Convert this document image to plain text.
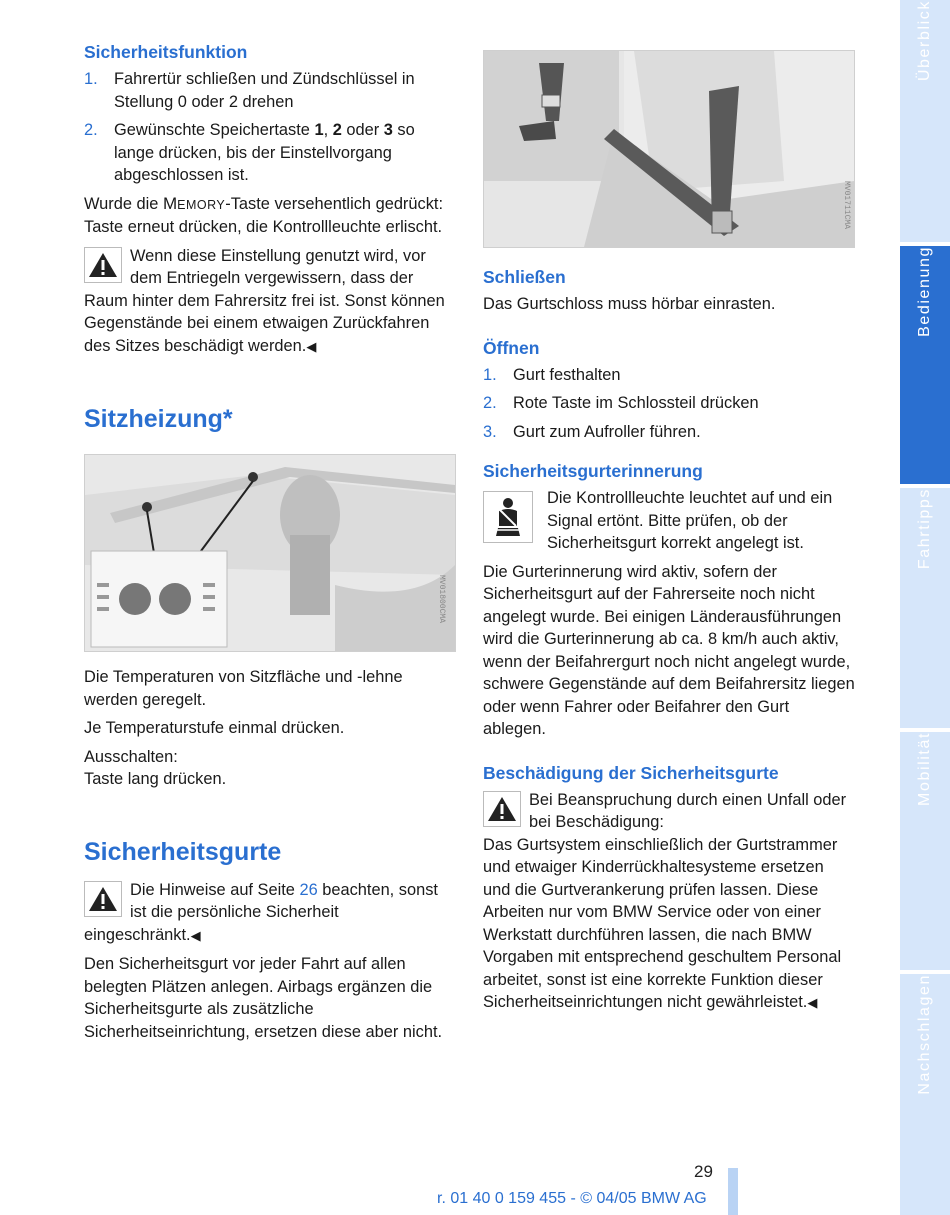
Sicherheitsfunktion
1. Fahrertür schließen und Zündschlüssel in Stellung 0 oder 2 drehen
2. Gewünschte Speichertaste 1, 2 oder 3 so lange drücken, bis der Einstellvorgang abgeschlossen ist.

Wurde die MEMORY-Taste versehentlich gedrückt:
Taste erneut drücken, die Kontrollleuchte erlischt.

Wenn diese Einstellung genutzt wird, vor dem Entriegeln vergewissern, dass der Raum hinter dem Fahrersitz frei ist. Sonst können Gegenstände bei einem etwaigen Zurückfahren des Sitzes beschädigt werden.◀
Sitzheizung*
MV01800CMA

Die Temperaturen von Sitzfläche und -lehne werden geregelt.

Je Temperaturstufe einmal drücken.

Ausschalten:
Taste lang drücken.

Sicherheitsgurte
Die Hinweise auf Seite 26 beachten, sonst ist die persönliche Sicherheit eingeschränkt.◀

Den Sicherheitsgurt vor jeder Fahrt auf allen belegten Plätzen anlegen. Airbags ergänzen die Sicherheitsgurte als zusätzliche Sicherheitseinrichtung, ersetzen diese aber nicht.

MV01711CMA
Schließen

Das Gurtschloss muss hörbar einrasten.

Öffnen
1. Gurt festhalten
2. Rote Taste im Schlossteil drücken
3. Gurt zum Aufroller führen.
Sicherheitsgurterinnerung
Die Kontrollleuchte leuchtet auf und ein Signal ertönt. Bitte prüfen, ob der Sicherheitsgurt korrekt angelegt ist.

Die Gurterinnerung wird aktiv, sofern der Sicherheitsgurt auf der Fahrerseite noch nicht angelegt wurde. Bei einigen Länderausführungen wird die Gurterinnerung ab ca. 8 km/h auch aktiv, wenn der Beifahrergurt noch nicht angelegt wurde, schwere Gegenstände auf dem Beifahrersitz liegen oder wenn Fahrer oder Beifahrer den Gurt ablegen.

Beschädigung der Sicherheitsgurte
Bei Beanspruchung durch einen Unfall oder bei Beschädigung:

Das Gurtsystem einschließlich der Gurtstrammer und etwaiger Kinderrückhaltesysteme ersetzen und die Gurtverankerung prüfen lassen. Diese Arbeiten nur vom BMW Service oder von einer Werkstatt durchführen lassen, die nach BMW Vorgaben mit entsprechend geschultem Personal arbeitet, sonst ist eine korrekte Funktion dieser Sicherheitseinrichtungen nicht gewährleistet.◀

Überblick
Bedienung
Fahrtipps
Mobilität
Nachschlagen
29
r. 01 40 0 159 455 - © 04/05 BMW AG
